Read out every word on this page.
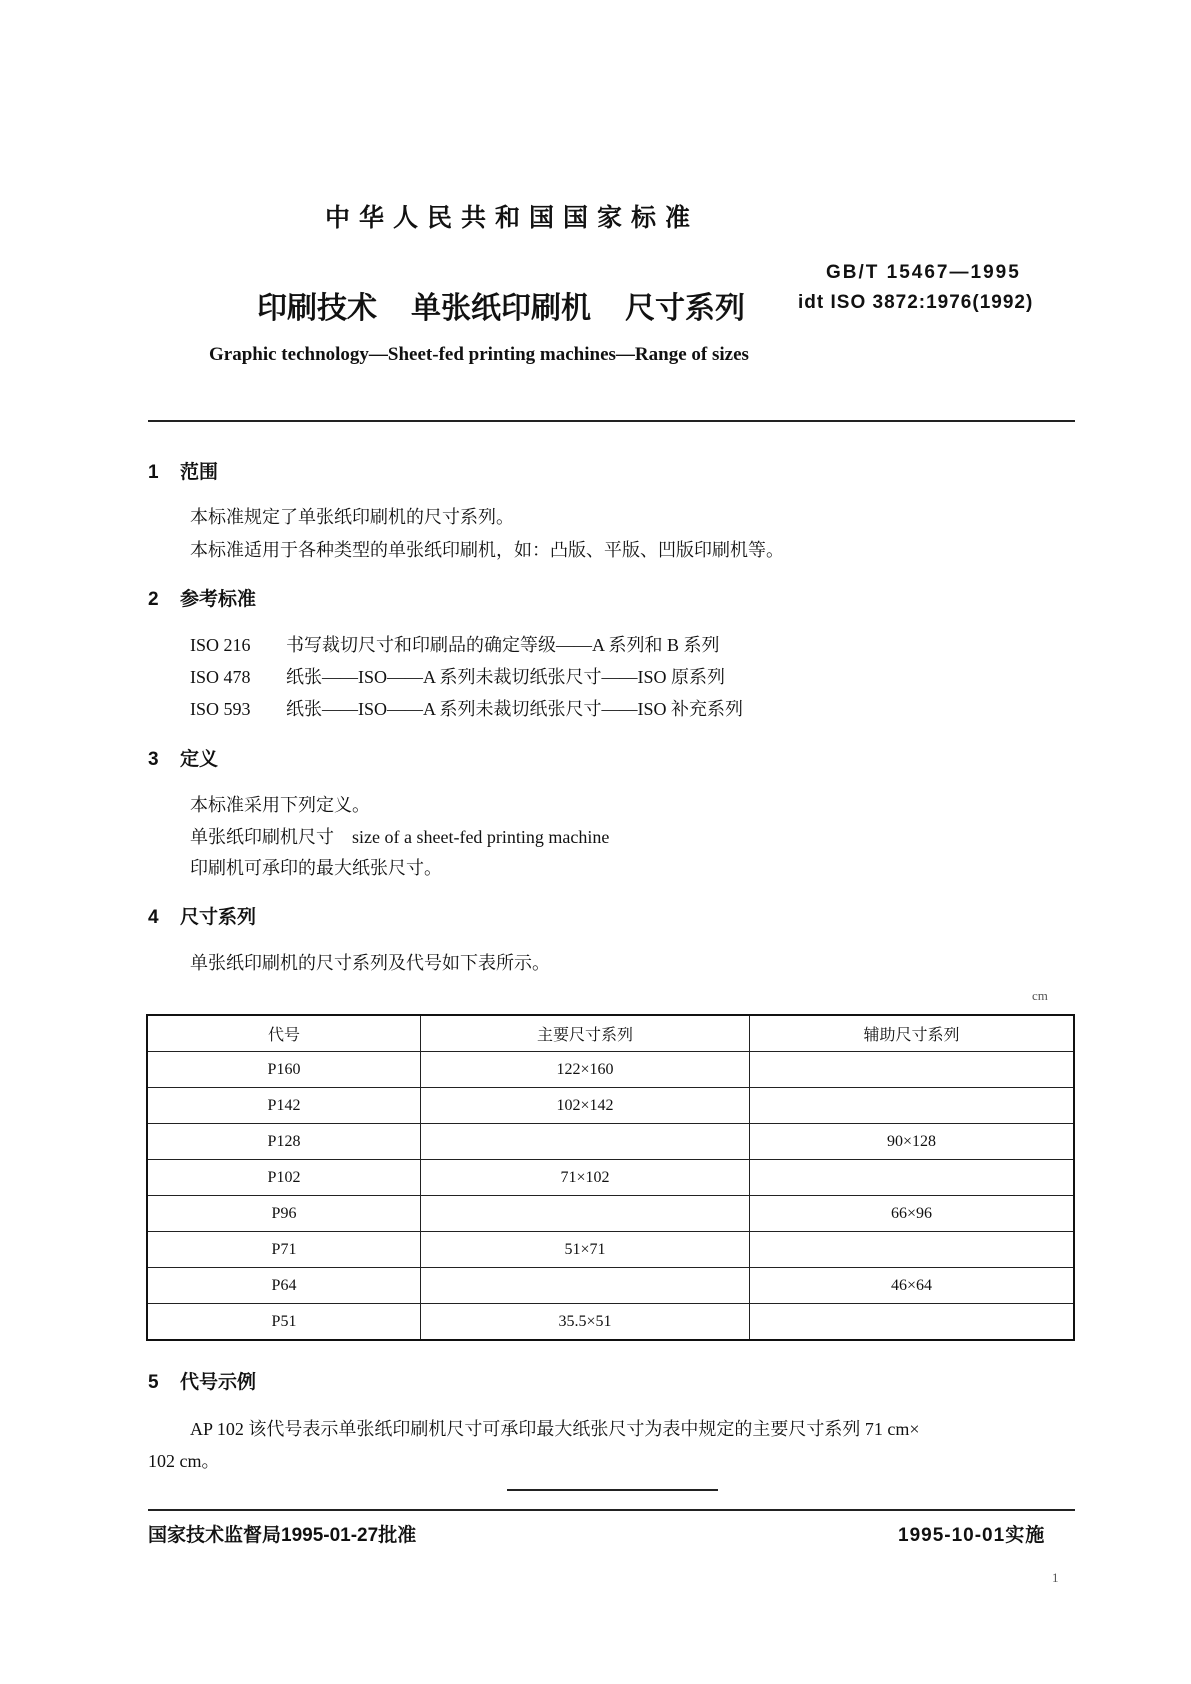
中华人民共和国国家标准
GB/T 15467—1995
idt ISO 3872:1976(1992)
印刷技术 单张纸印刷机 尺寸系列
Graphic technology—Sheet-fed printing machines—Range of sizes
1 范围
本标准规定了单张纸印刷机的尺寸系列。
本标准适用于各种类型的单张纸印刷机，如：凸版、平版、凹版印刷机等。
2 参考标准
ISO 216 书写裁切尺寸和印刷品的确定等级——A 系列和 B 系列
ISO 478 纸张——ISO——A 系列未裁切纸张尺寸——ISO 原系列
ISO 593 纸张——ISO——A 系列未裁切纸张尺寸——ISO 补充系列
3 定义
本标准采用下列定义。
单张纸印刷机尺寸　size of a sheet-fed printing machine
印刷机可承印的最大纸张尺寸。
4 尺寸系列
单张纸印刷机的尺寸系列及代号如下表所示。
cm
代号	主要尺寸系列	辅助尺寸系列
P160	122×160	
P142	102×142	
P128		90×128
P102	71×102	
P96		66×96
P71	51×71	
P64		46×64
P51	35.5×51	
5 代号示例
AP 102 该代号表示单张纸印刷机尺寸可承印最大纸张尺寸为表中规定的主要尺寸系列 71 cm×
102 cm。
国家技术监督局1995-01-27批准	1995-10-01实施
1
